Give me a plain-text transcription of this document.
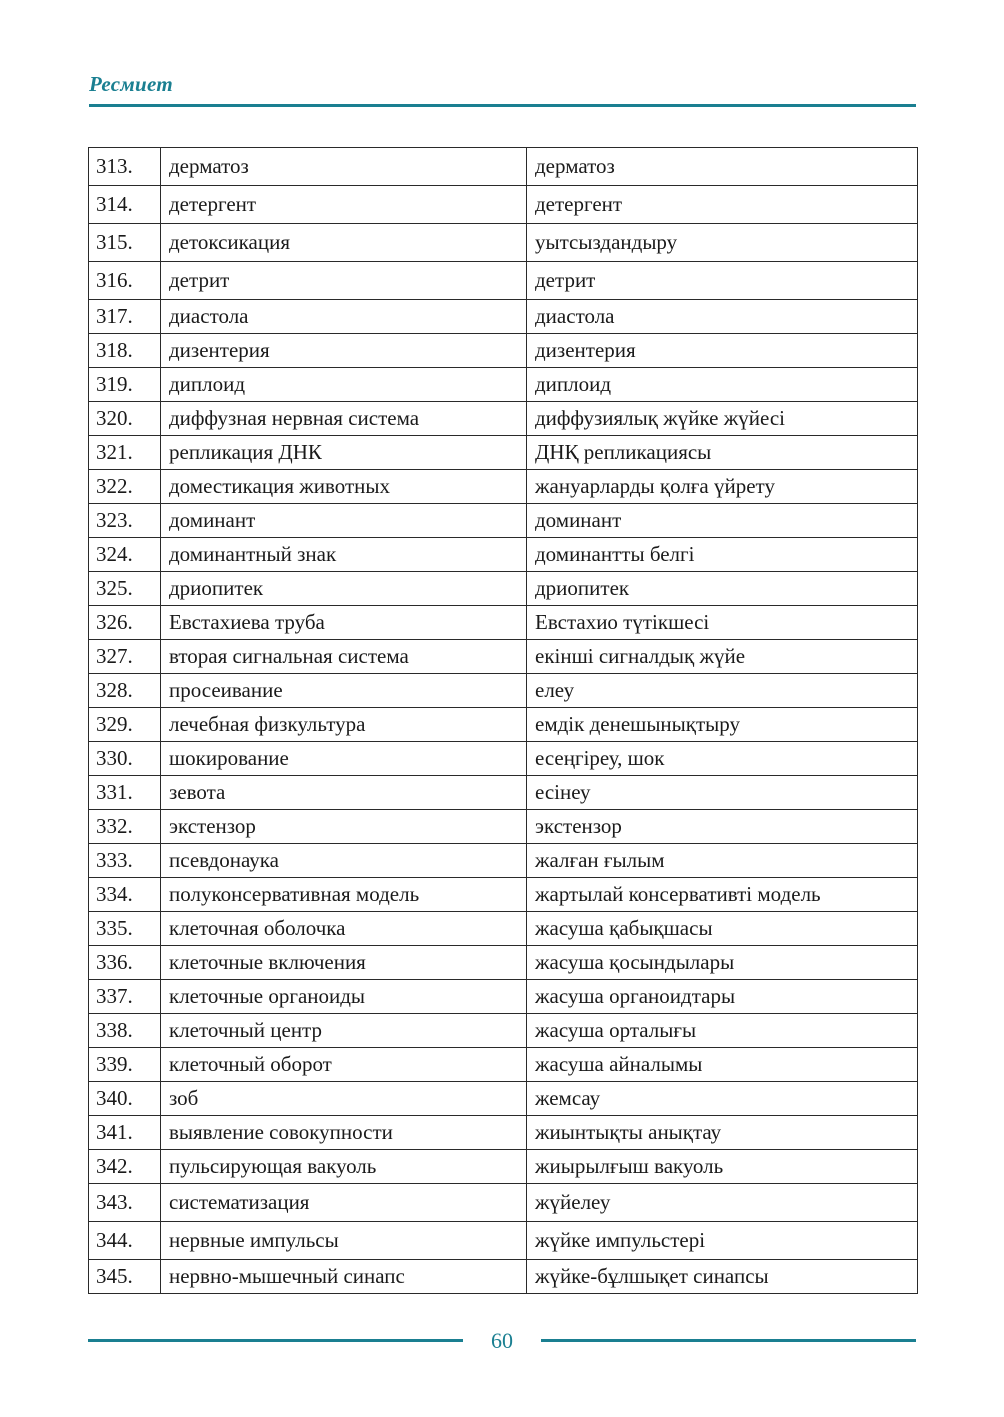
Ресмиет
313.	дерматоз	дерматоз
314.	детергент	детергент
315.	детоксикация	уытсыздандыру
316.	детрит	детрит
317.	диастола	диастола
318.	дизентерия	дизентерия
319.	диплоид	диплоид
320.	диффузная нервная система	диффузиялық жүйке жүйесі
321.	репликация ДНК	ДНҚ репликациясы
322.	доместикация животных	жануарларды қолға үйрету
323.	доминант	доминант
324.	доминантный знак	доминантты белгі
325.	дриопитек	дриопитек
326.	Евстахиева труба	Евстахио түтікшесі
327.	вторая сигнальная система	екінші сигналдық жүйе
328.	просеивание	елеу
329.	лечебная физкультура	емдік денешынықтыру
330.	шокирование	есеңгіреу, шок
331.	зевота	есінеу
332.	экстензор	экстензор
333.	псевдонаука	жалған ғылым
334.	полуконсервативная модель	жартылай консервативті модель
335.	клеточная оболочка	жасуша қабықшасы
336.	клеточные включения	жасуша қосындылары
337.	клеточные органоиды	жасуша органоидтары
338.	клеточный центр	жасуша орталығы
339.	клеточный оборот	жасуша айналымы
340.	зоб	жемсау
341.	выявление совокупности	жиынтықты анықтау
342.	пульсирующая вакуоль	жиырылғыш вакуоль
343.	систематизация	жүйелеу
344.	нервные импульсы	жүйке импульстері
345.	нервно-мышечный синапс	жүйке-бұлшықет синапсы
60
